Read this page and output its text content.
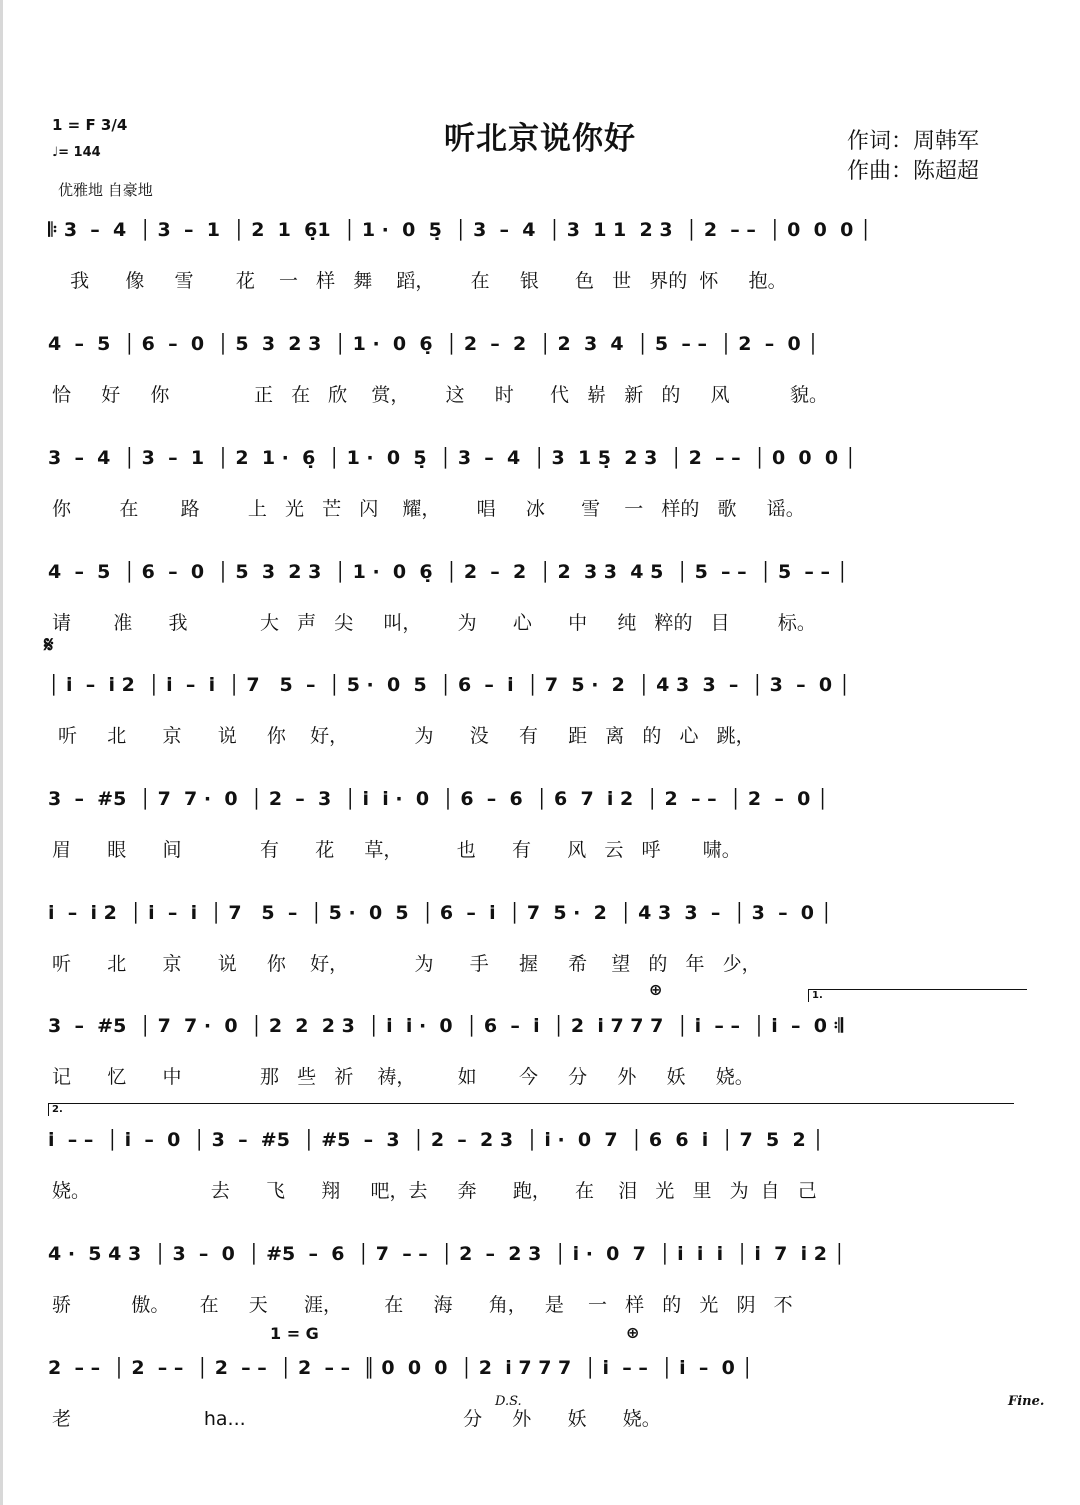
1 = F 3/4
♩= 144	听北京说你好	作词：周韩军
作曲：陈超超
优雅地 自豪地
𝄋
⊕
⊕
1 = G
D.S.	Fine.
1.
2.
𝄆 3  –  4  │ 3  –  1  │ 2  1  6̣1  │ 1 ·  0  5̣  │ 3  –  4  │ 3  1 1  2 3  │ 2  – –  │ 0  0  0 │
我      像     雪       花    一   样   舞    蹈，      在     银      色   世   界的  怀     抱。
4  –  5  │ 6  –  0  │ 5  3  2 3  │ 1 ·  0  6̣  │ 2  –  2  │ 2  3  4  │ 5  – –  │ 2  –  0 │
恰     好     你              正   在   欣    赏，      这     时      代   崭   新   的     风          貌。
3  –  4  │ 3  –  1  │ 2  1 ·  6̣  │ 1 ·  0  5̣  │ 3  –  4  │ 3  1 5̣  2 3  │ 2  – –  │ 0  0  0 │
你        在       路        上   光   芒   闪    耀，      唱     冰      雪    一   样的   歌     谣。
4  –  5  │ 6  –  0  │ 5  3  2 3  │ 1 ·  0  6̣  │ 2  –  2  │ 2  3 3  4 5  │ 5  – –  │ 5  – – │
请       准      我            大   声   尖     叫，      为      心      中     纯   粹的   目        标。
│ i  –  i 2  │ i  –  i  │ 7   5  –  │ 5 ·  0  5  │ 6  –  i  │ 7  5 ·  2  │ 4 3  3  –  │ 3  –  0 │
听     北      京      说     你    好，           为      没     有     距   离   的   心   跳，
3  –  #5  │ 7  7 ·  0  │ 2  –  3  │ i  i ·  0  │ 6  –  6  │ 6  7  i 2  │ 2  – –  │ 2  –  0 │
眉      眼      间             有      花     草，         也      有      风   云   呼       啸。
i  –  i 2  │ i  –  i  │ 7   5  –  │ 5 ·  0  5  │ 6  –  i  │ 7  5 ·  2  │ 4 3  3  –  │ 3  –  0 │
听      北      京      说     你    好，           为      手     握     希    望   的   年   少，
3  –  #5  │ 7  7 ·  0  │ 2  2  2 3  │ i  i ·  0  │ 6  –  i  │ 2  i 7 7 7  │ i  – –  │ i  –  0 𝄇
记      忆      中             那   些   祈    祷，       如       今     分     外     妖     娆。
i  – –  │ i  –  0  │ 3  –  #5  │ #5  –  3  │ 2  –  2 3  │ i ·  0  7  │ 6  6  i  │ 7  5  2 │
娆。                    去      飞      翔     吧，去     奔      跑，    在    泪   光   里   为  自   己
4 ·  5 4 3  │ 3  –  0  │ #5  –  6  │ 7  – –  │ 2  –  2 3  │ i ·  0  7  │ i  i  i  │ i  7  i 2 │
骄          傲。     在     天      涯，       在     海      角，   是    一   样   的   光   阴   不
2  – –  │ 2  – –  │ 2  – –  │ 2  – –  ║ 0  0  0  │ 2  i 7 7 7  │ i  – –  │ i  –  0 │
老                      ha...                                    分     外      妖      娆。
